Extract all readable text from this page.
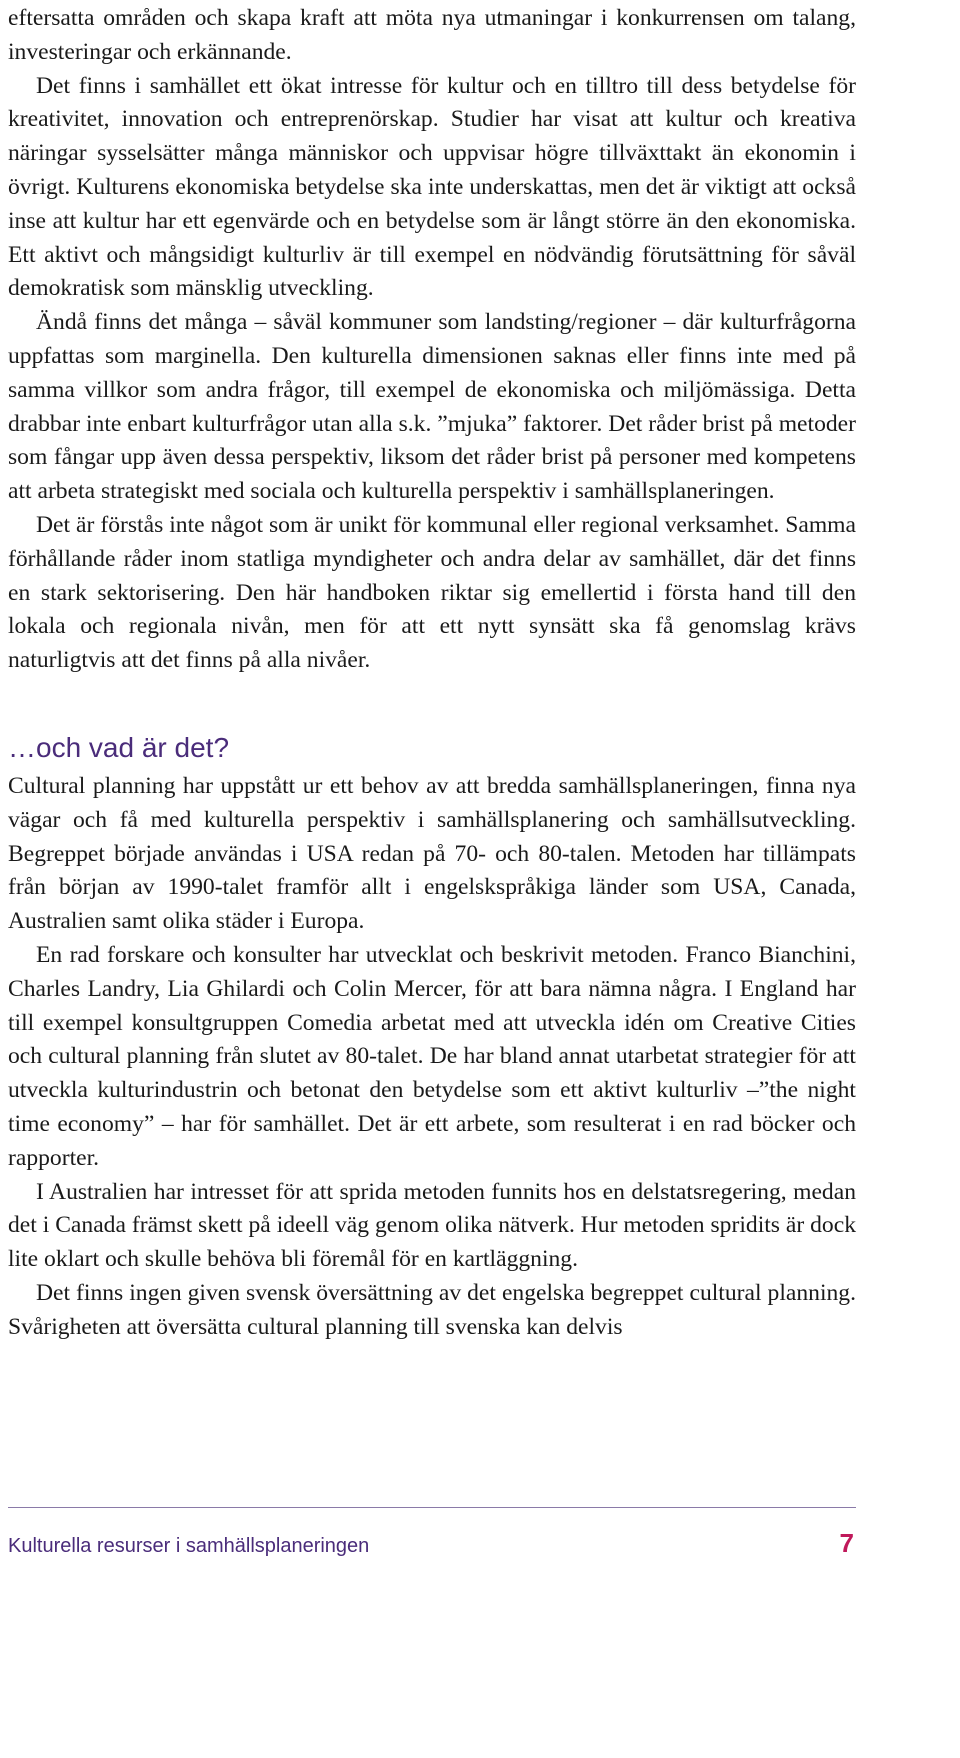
eftersatta områden och skapa kraft att möta nya utmaningar i konkurrensen om talang, investeringar och erkännande.

Det finns i samhället ett ökat intresse för kultur och en tilltro till dess betydelse för kreativitet, innovation och entreprenörskap. Studier har visat att kultur och kreativa näringar sysselsätter många människor och uppvisar högre tillväxttakt än ekonomin i övrigt. Kulturens ekonomiska betydelse ska inte underskattas, men det är viktigt att också inse att kultur har ett egenvärde och en betydelse som är långt större än den ekonomiska. Ett aktivt och mångsidigt kulturliv är till exempel en nödvändig förutsättning för såväl demokratisk som mänsklig utveckling.

Ändå finns det många – såväl kommuner som landsting/regioner – där kulturfrågorna uppfattas som marginella. Den kulturella dimensionen saknas eller finns inte med på samma villkor som andra frågor, till exempel de ekonomiska och miljömässiga. Detta drabbar inte enbart kulturfrågor utan alla s.k. ”mjuka” faktorer. Det råder brist på metoder som fångar upp även dessa perspektiv, liksom det råder brist på personer med kompetens att arbeta strategiskt med sociala och kulturella perspektiv i samhällsplaneringen.

Det är förstås inte något som är unikt för kommunal eller regional verksamhet. Samma förhållande råder inom statliga myndigheter och andra delar av samhället, där det finns en stark sektorisering. Den här handboken riktar sig emellertid i första hand till den lokala och regionala nivån, men för att ett nytt synsätt ska få genomslag krävs naturligtvis att det finns på alla nivåer.

…och vad är det?

Cultural planning har uppstått ur ett behov av att bredda samhällsplaneringen, finna nya vägar och få med kulturella perspektiv i samhällsplanering och samhällsutveckling. Begreppet började användas i USA redan på 70- och 80-talen. Metoden har tillämpats från början av 1990-talet framför allt i engelskspråkiga länder som USA, Canada, Australien samt olika städer i Europa.

En rad forskare och konsulter har utvecklat och beskrivit metoden. Franco Bianchini, Charles Landry, Lia Ghilardi och Colin Mercer, för att bara nämna några. I England har till exempel konsultgruppen Comedia arbetat med att utveckla idén om Creative Cities och cultural planning från slutet av 80-talet. De har bland annat utarbetat strategier för att utveckla kulturindustrin och betonat den betydelse som ett aktivt kulturliv –”the night time economy” – har för samhället. Det är ett arbete, som resulterat i en rad böcker och rapporter.

I Australien har intresset för att sprida metoden funnits hos en delstatsregering, medan det i Canada främst skett på ideell väg genom olika nätverk. Hur metoden spridits är dock lite oklart och skulle behöva bli föremål för en kartläggning.

Det finns ingen given svensk översättning av det engelska begreppet cultural planning. Svårigheten att översätta cultural planning till svenska kan delvis

Kulturella resurser i samhällsplaneringen	7
